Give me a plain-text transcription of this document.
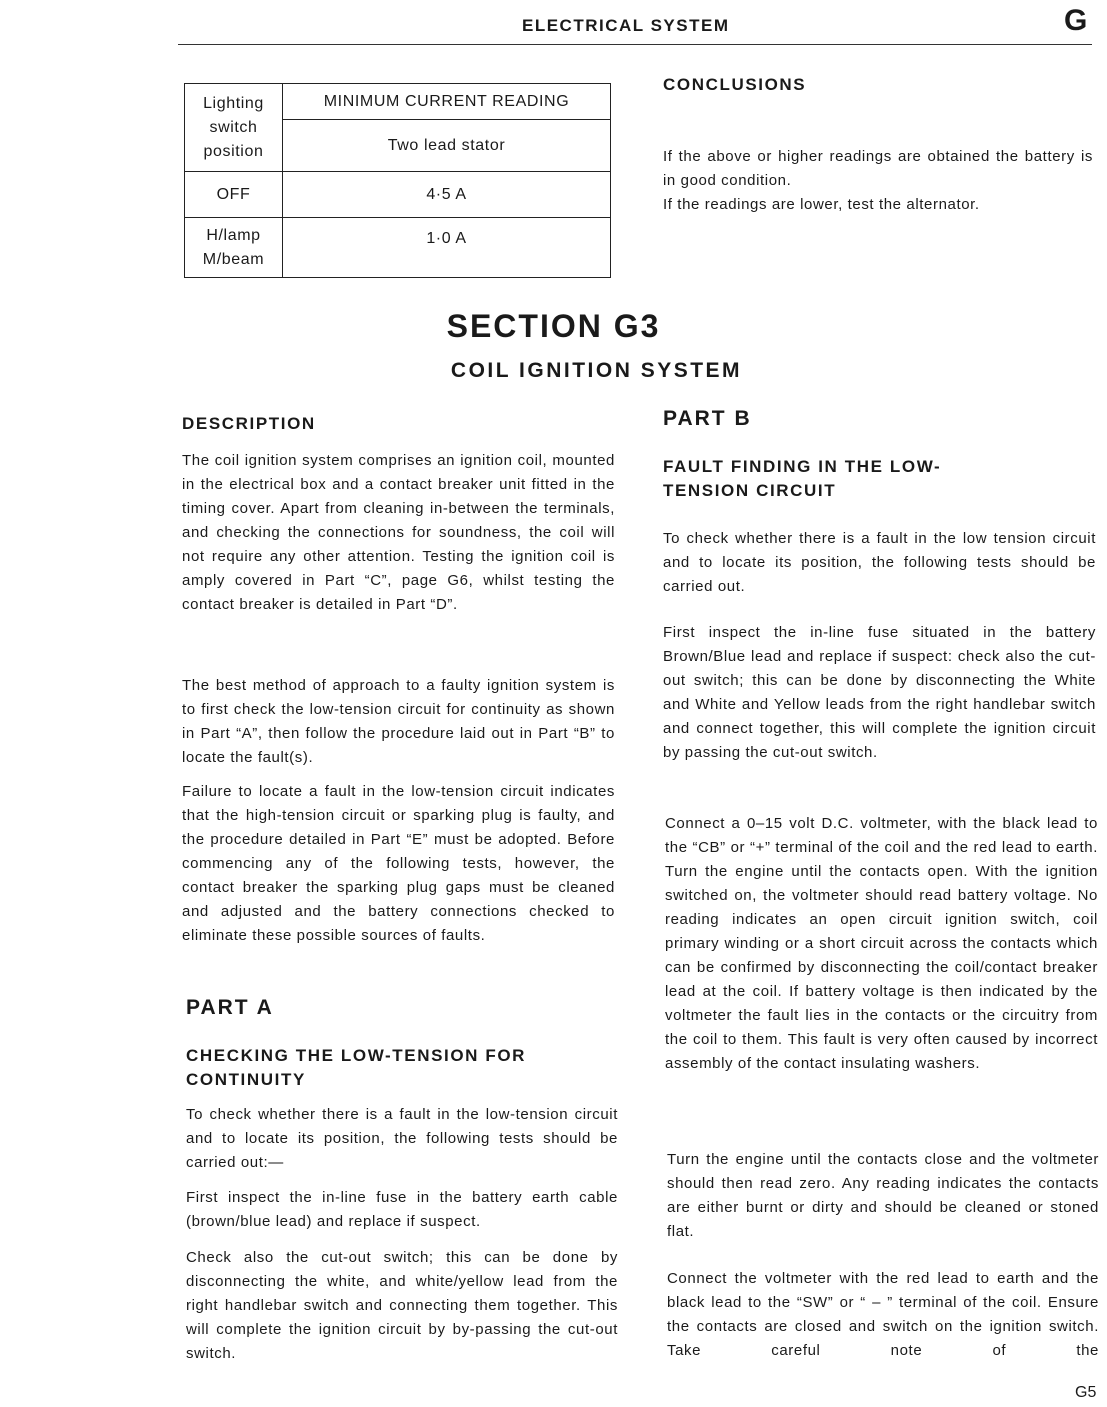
ELECTRICAL SYSTEM	G
Lighting switch position	MINIMUM CURRENT READING
	Two lead stator
OFF	4·5 A
H/lamp M/beam	1·0 A
CONCLUSIONS

If the above or higher readings are obtained the battery is in good condition.

If the readings are lower, test the alternator.

SECTION G3
COIL IGNITION SYSTEM
DESCRIPTION

The coil ignition system comprises an ignition coil, mounted in the electrical box and a contact breaker unit fitted in the timing cover. Apart from cleaning in-between the terminals, and checking the connections for soundness, the coil will not require any other attention. Testing the ignition coil is amply covered in Part “C”, page G6, whilst testing the contact breaker is detailed in Part “D”.

The best method of approach to a faulty ignition system is to first check the low-tension circuit for continuity as shown in Part “A”, then follow the procedure laid out in Part “B” to locate the fault(s).

Failure to locate a fault in the low-tension circuit indicates that the high-tension circuit or sparking plug is faulty, and the procedure detailed in Part “E” must be adopted. Before commencing any of the following tests, however, the contact breaker the sparking plug gaps must be cleaned and adjusted and the battery connections checked to eliminate these possible sources of faults.

PART A
CHECKING THE LOW-TENSION FOR CONTINUITY

To check whether there is a fault in the low-tension circuit and to locate its position, the following tests should be carried out:—

First inspect the in-line fuse in the battery earth cable (brown/blue lead) and replace if suspect.

Check also the cut-out switch; this can be done by disconnecting the white, and white/yellow lead from the right handlebar switch and connecting them together. This will complete the ignition circuit by by-passing the cut-out switch.

PART B
FAULT FINDING IN THE LOW-TENSION CIRCUIT

To check whether there is a fault in the low tension circuit and to locate its position, the following tests should be carried out.

First inspect the in-line fuse situated in the battery Brown/Blue lead and replace if suspect: check also the cut-out switch; this can be done by disconnecting the White and White and Yellow leads from the right handlebar switch and connect together, this will complete the ignition circuit by passing the cut-out switch.

Connect a 0–15 volt D.C. voltmeter, with the black lead to the “CB” or “+” terminal of the coil and the red lead to earth. Turn the engine until the contacts open. With the ignition switched on, the voltmeter should read battery voltage. No reading indicates an open circuit ignition switch, coil primary winding or a short circuit across the contacts which can be confirmed by disconnecting the coil/contact breaker lead at the coil. If battery voltage is then indicated by the voltmeter the fault lies in the contacts or the circuitry from the coil to them. This fault is very often caused by incorrect assembly of the contact insulating washers.

Turn the engine until the contacts close and the voltmeter should then read zero. Any reading indicates the contacts are either burnt or dirty and should be cleaned or stoned flat.

Connect the voltmeter with the red lead to earth and the black lead to the “SW” or “ – ” terminal of the coil. Ensure the contacts are closed and switch on the ignition switch. Take careful note of the

G5
